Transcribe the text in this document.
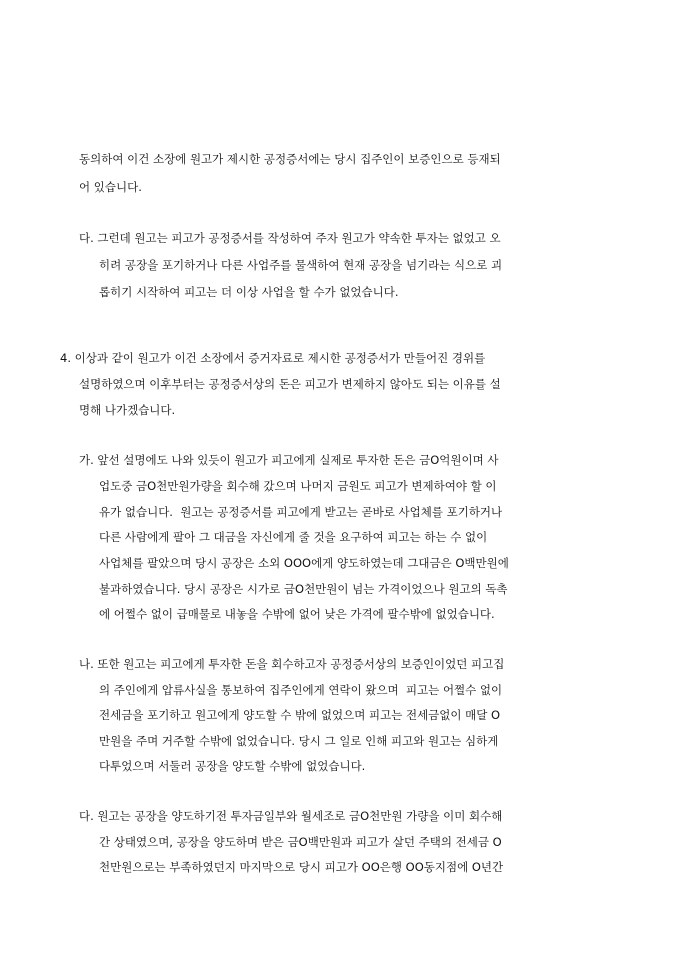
동의하여 이건 소장에 원고가 제시한 공정증서에는 당시 집주인이 보증인으로 등재되
어 있습니다.
다. 그런데 원고는 피고가 공정증서를 작성하여 주자 원고가 약속한 투자는 없었고 오
히려 공장을 포기하거나 다른 사업주를 물색하여 현재 공장을 넘기라는 식으로 괴
롭히기 시작하여 피고는 더 이상 사업을 할 수가 없었습니다.
4. 이상과 같이 원고가 이건 소장에서 증거자료로 제시한 공정증서가 만들어진 경위를
설명하였으며 이후부터는 공정증서상의 돈은 피고가 변제하지 않아도 되는 이유를 설
명해 나가겠습니다.
가. 앞선 설명에도 나와 있듯이 원고가 피고에게 실제로 투자한 돈은 금O억원이며 사
업도중 금O천만원가량을 회수해 갔으며 나머지 금원도 피고가 변제하여야 할 이
유가 없습니다.  원고는 공정증서를 피고에게 받고는 곧바로 사업체를 포기하거나
다른 사람에게 팔아 그 대금을 자신에게 줄 것을 요구하여 피고는 하는 수 없이
사업체를 팔았으며 당시 공장은 소외 OOO에게 양도하였는데 그대금은 O백만원에
불과하였습니다. 당시 공장은 시가로 금O천만원이 넘는 가격이었으나 원고의 독촉
에 어쩔수 없이 급매물로 내놓을 수밖에 없어 낮은 가격에 팔수밖에 없었습니다.
나. 또한 원고는 피고에게 투자한 돈을 회수하고자 공정증서상의 보증인이었던 피고집
의 주인에게 압류사실을 통보하여 집주인에게 연락이 왔으며  피고는 어쩔수 없이
전세금을 포기하고 원고에게 양도할 수 밖에 없었으며 피고는 전세금없이 매달 O
만원을 주며 거주할 수밖에 없었습니다. 당시 그 일로 인해 피고와 원고는 심하게
다투었으며 서둘러 공장을 양도할 수밖에 없었습니다.
다. 원고는 공장을 양도하기전 투자금일부와 월세조로 금O천만원 가량을 이미 회수해
간 상태였으며, 공장을 양도하며 받은 금O백만원과 피고가 살던 주택의 전세금 O
천만원으로는 부족하였던지 마지막으로 당시 피고가 OO은행 OO동지점에 O년간
